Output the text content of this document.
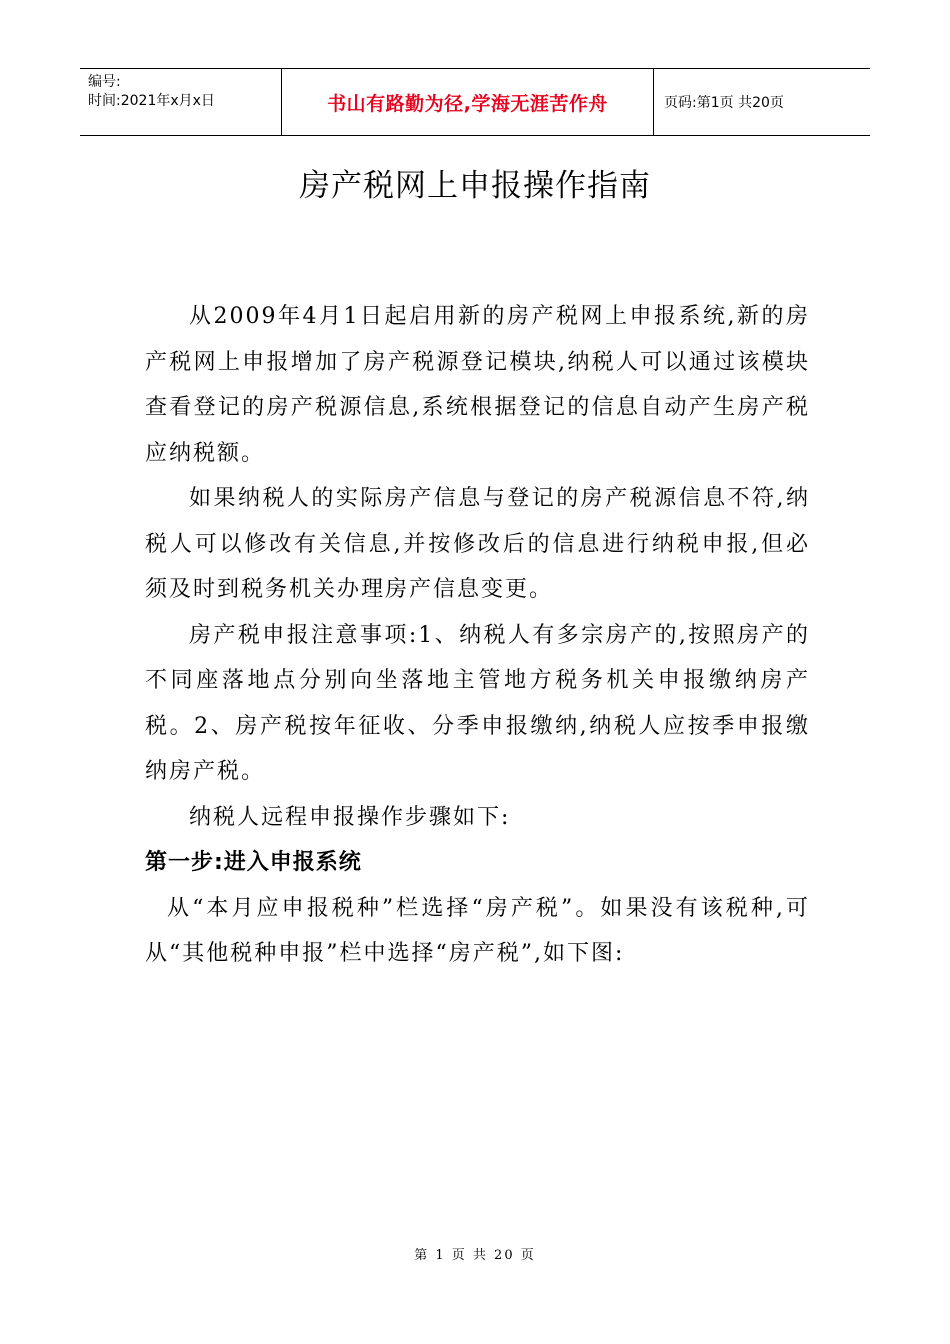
编号:
时间:2021年x月x日	书山有路勤为径,学海无涯苦作舟	页码:第1页 共20页
房产税网上申报操作指南

从2009年4月1日起启用新的房产税网上申报系统,新的房产税网上申报增加了房产税源登记模块,纳税人可以通过该模块查看登记的房产税源信息,系统根据登记的信息自动产生房产税应纳税额。

如果纳税人的实际房产信息与登记的房产税源信息不符,纳税人可以修改有关信息,并按修改后的信息进行纳税申报,但必须及时到税务机关办理房产信息变更。

房产税申报注意事项:1、纳税人有多宗房产的,按照房产的不同座落地点分别向坐落地主管地方税务机关申报缴纳房产税。2、房产税按年征收、分季申报缴纳,纳税人应按季申报缴纳房产税。

纳税人远程申报操作步骤如下:

第一步:进入申报系统

从“本月应申报税种”栏选择“房产税”。如果没有该税种,可从“其他税种申报”栏中选择“房产税”,如下图:

第 1 页 共 20 页
